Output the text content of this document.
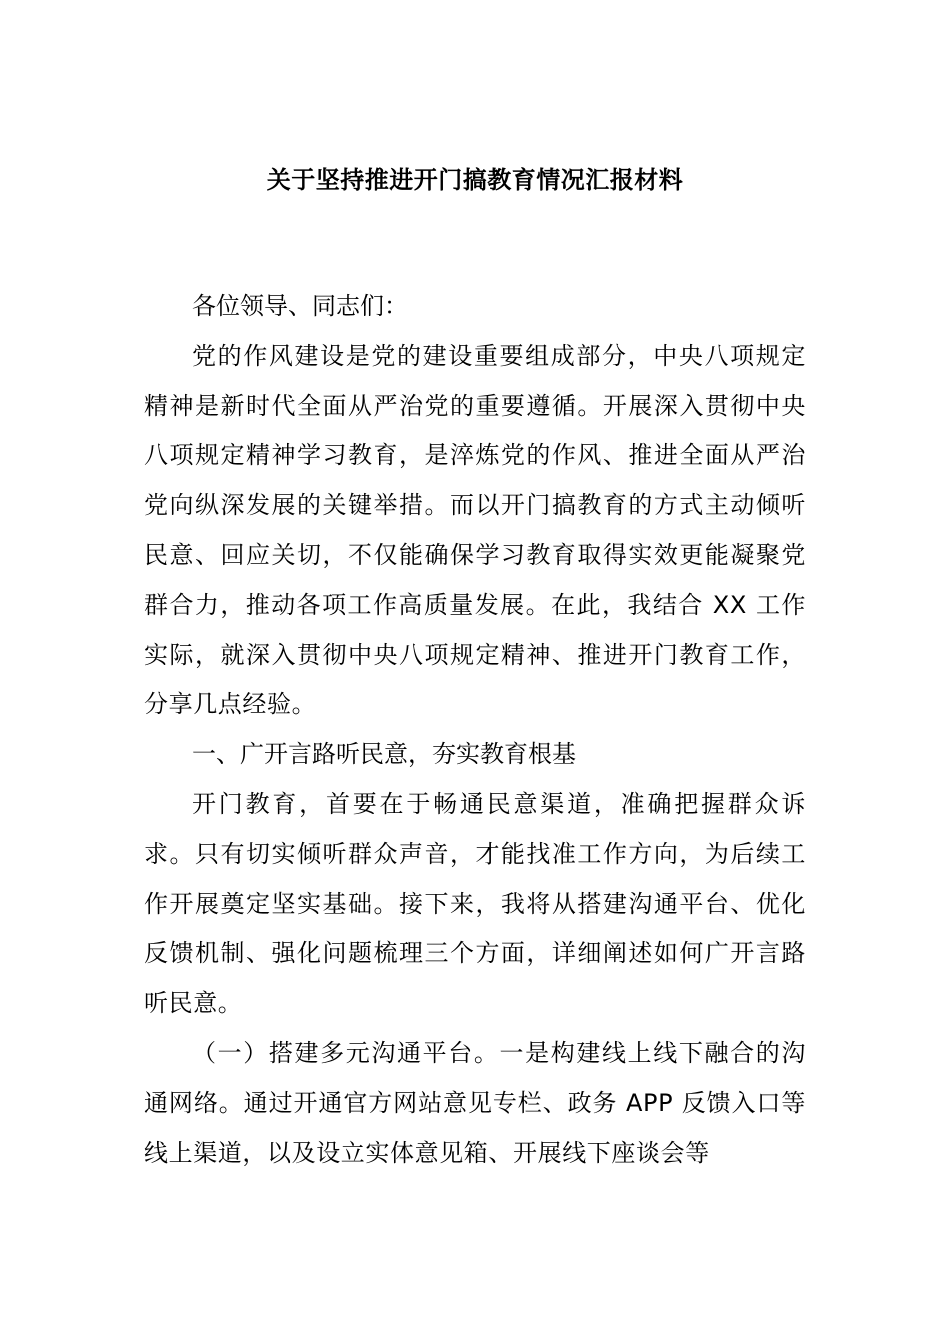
关于坚持推进开门搞教育情况汇报材料

各位领导、同志们：

党的作风建设是党的建设重要组成部分，中央八项规定精神是新时代全面从严治党的重要遵循。开展深入贯彻中央八项规定精神学习教育，是淬炼党的作风、推进全面从严治党向纵深发展的关键举措。而以开门搞教育的方式主动倾听民意、回应关切，不仅能确保学习教育取得实效更能凝聚党群合力，推动各项工作高质量发展。在此，我结合 XX 工作实际，就深入贯彻中央八项规定精神、推进开门教育工作，分享几点经验。

一、广开言路听民意，夯实教育根基

开门教育，首要在于畅通民意渠道，准确把握群众诉求。只有切实倾听群众声音，才能找准工作方向，为后续工作开展奠定坚实基础。接下来，我将从搭建沟通平台、优化反馈机制、强化问题梳理三个方面，详细阐述如何广开言路听民意。

（一）搭建多元沟通平台。一是构建线上线下融合的沟通网络。通过开通官方网站意见专栏、政务 APP 反馈入口等线上渠道，以及设立实体意见箱、开展线下座谈会等
